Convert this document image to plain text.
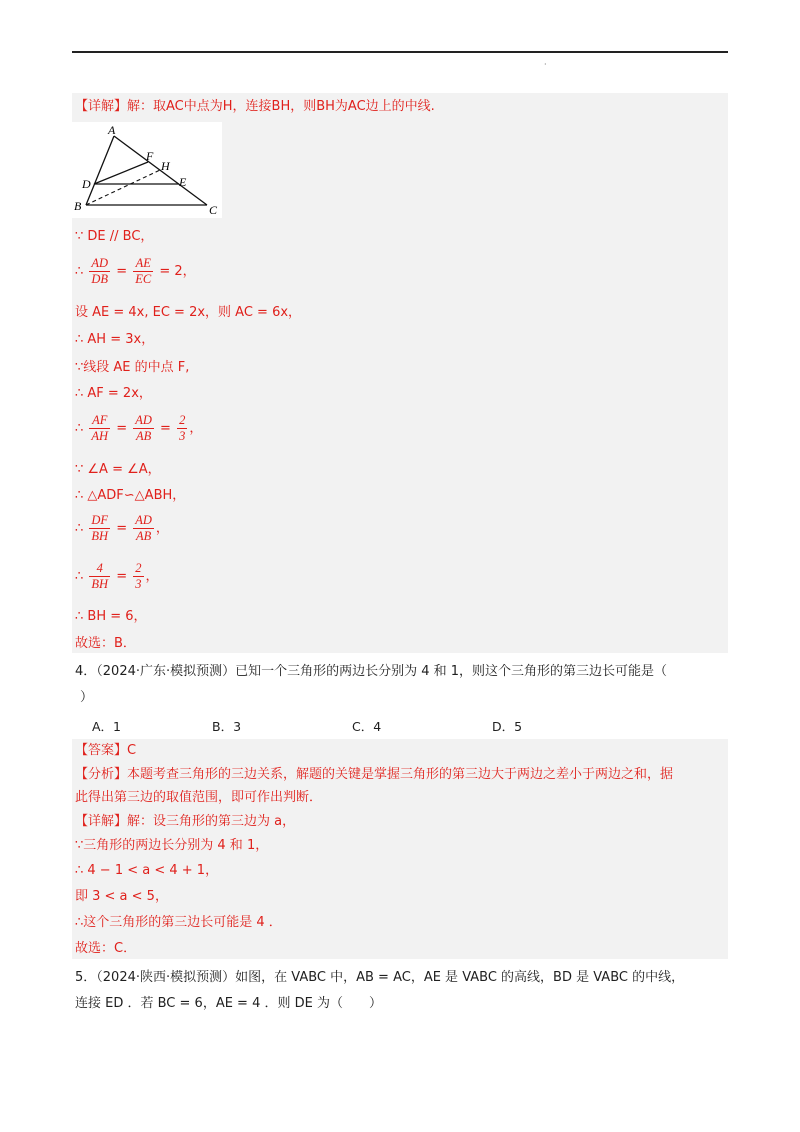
·
【详解】解：取AC中点为H，连接BH，则BH为AC边上的中线.
A
B	C
D	E
F
H
∵ DE // BC，
∴ $\frac{AD}{DB} = \frac{AE}{EC} = 2$，
设 AE = 4x, EC = 2x，则 AC = 6x，
∴ AH = 3x，
∵线段 AE 的中点 F,
∴ AF = 2x，
∴ $\frac{AF}{AH} = \frac{AD}{AB} = \frac{2}{3}$ ，
∵ ∠A = ∠A，
∴ △ADF∽△ABH，
∴ $\frac{DF}{BH} = \frac{AD}{AB}$ ，
∴ $\frac{4}{BH} = \frac{2}{3}$ ，
∴ BH = 6，
故选：B．
4．（2024·广东·模拟预测）已知一个三角形的两边长分别为 4 和 1，则这个三角形的第三边长可能是（
）
A．1	B．3	C．4	D．5
【答案】C
【分析】本题考查三角形的三边关系，解题的关键是掌握三角形的第三边大于两边之差小于两边之和，据
此得出第三边的取值范围，即可作出判断．
【详解】解：设三角形的第三边为 a，
∵三角形的两边长分别为 4 和 1，
∴ 4 − 1 < a < 4 + 1，
即 3 < a < 5，
∴这个三角形的第三边长可能是 4 ．
故选：C．
5．（2024·陕西·模拟预测）如图，在 VABC 中，AB = AC，AE 是 VABC 的高线，BD 是 VABC 的中线，
连接 ED ．若 BC = 6，AE = 4 ．则 DE 为（　　）
